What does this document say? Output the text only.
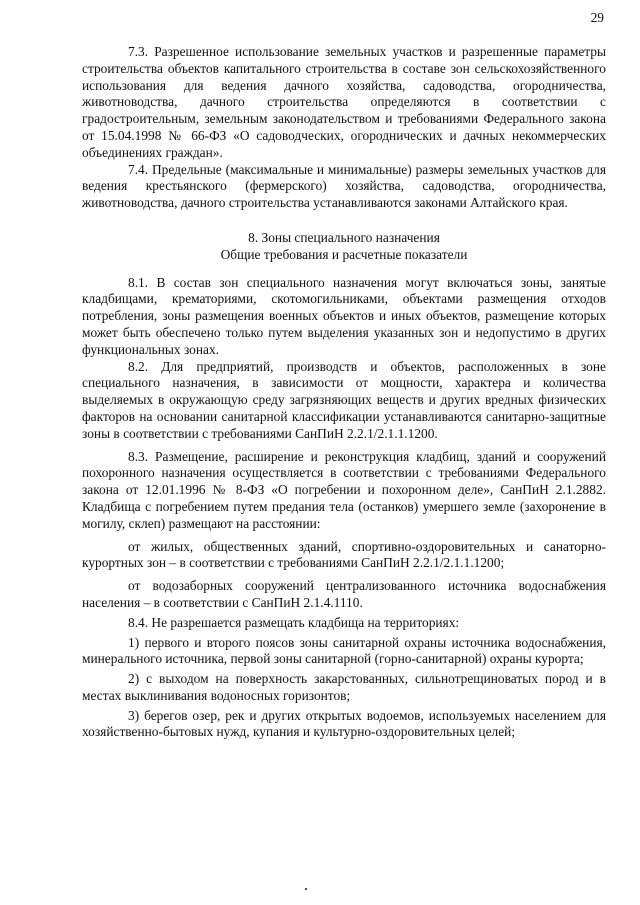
29

7.3. Разрешенное использование земельных участков и разрешенные параметры строительства объектов капитального строительства в составе зон сельскохозяйственного использования для ведения дачного хозяйства, садоводства, огородничества, животноводства, дачного строительства определяются в соответствии с градостроительным, земельным законодательством и требованиями Федерального закона от 15.04.1998 № 66-ФЗ «О садоводческих, огороднических и дачных некоммерческих объединениях граждан».

7.4. Предельные (максимальные и минимальные) размеры земельных участков для ведения крестьянского (фермерского) хозяйства, садоводства, огородничества, животноводства, дачного строительства устанавливаются законами Алтайского края.

8. Зоны специального назначения
Общие требования и расчетные показатели

8.1. В состав зон специального назначения могут включаться зоны, занятые кладбищами, крематориями, скотомогильниками, объектами размещения отходов потребления, зоны размещения военных объектов и иных объектов, размещение которых может быть обеспечено только путем выделения указанных зон и недопустимо в других функциональных зонах.

8.2. Для предприятий, производств и объектов, расположенных в зоне специального назначения, в зависимости от мощности, характера и количества выделяемых в окружающую среду загрязняющих веществ и других вредных физических факторов на основании санитарной классификации устанавливаются санитарно-защитные зоны в соответствии с требованиями СанПиН 2.2.1/2.1.1.1200.

8.3. Размещение, расширение и реконструкция кладбищ, зданий и сооружений похоронного назначения осуществляется в соответствии с требованиями Федерального закона от 12.01.1996 № 8-ФЗ «О погребении и похоронном деле», СанПиН 2.1.2882. Кладбища с погребением путем предания тела (останков) умершего земле (захоронение в могилу, склеп) размещают на расстоянии:

от жилых, общественных зданий, спортивно-оздоровительных и санаторно-курортных зон – в соответствии с требованиями СанПиН 2.2.1/2.1.1.1200;

от водозаборных сооружений централизованного источника водоснабжения населения – в соответствии с СанПиН 2.1.4.1110.

8.4. Не разрешается размещать кладбища на территориях:

1) первого и второго поясов зоны санитарной охраны источника водоснабжения, минерального источника, первой зоны санитарной (горно-санитарной) охраны курорта;

2) с выходом на поверхность закарстованных, сильнотрещиноватых пород и в местах выклинивания водоносных горизонтов;

3) берегов озер, рек и других открытых водоемов, используемых населением для хозяйственно-бытовых нужд, купания и культурно-оздоровительных целей;
